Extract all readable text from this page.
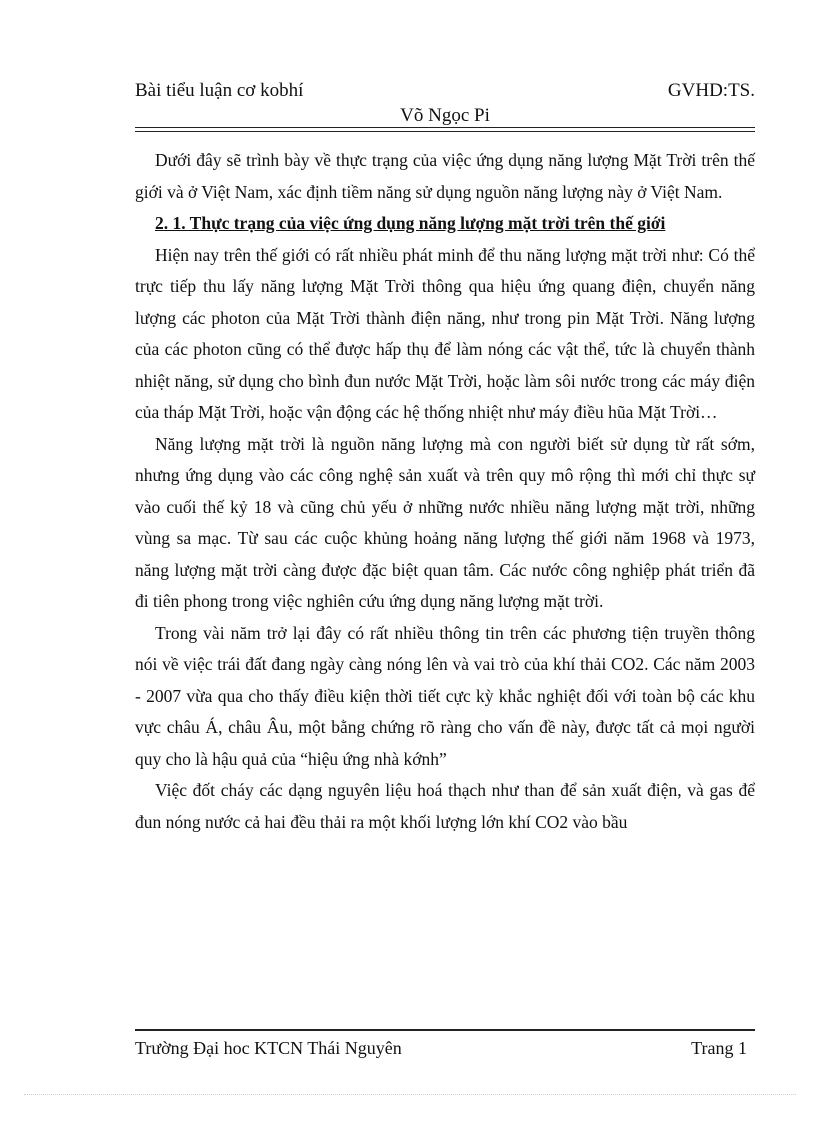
Bài tiểu luận cơ kobhí	GVHD:TS.
Võ Ngọc Pi

Dưới đây sẽ trình bày về thực trạng của việc ứng dụng năng lượng Mặt Trời trên thế giới và ở Việt Nam, xác định tiềm năng sử dụng nguồn năng lượng này ở Việt Nam.

2. 1. Thực trạng của việc ứng dụng năng lượng mặt trời trên thế giới

Hiện nay trên thế giới có rất nhiều phát minh để thu năng lượng mặt trời như: Có thể trực tiếp thu lấy năng lượng Mặt Trời thông qua hiệu ứng quang điện, chuyển năng lượng các photon của Mặt Trời thành điện năng, như trong pin Mặt Trời. Năng lượng của các photon cũng có thể được hấp thụ để làm nóng các vật thể, tức là chuyển thành nhiệt năng, sử dụng cho bình đun nước Mặt Trời, hoặc làm sôi nước trong các máy điện của tháp Mặt Trời, hoặc vận động các hệ thống nhiệt như máy điều hũa Mặt Trời…

Năng lượng mặt trời là nguồn năng lượng mà con người biết sử dụng từ rất sớm, nhưng ứng dụng vào các công nghệ sản xuất và trên quy mô rộng thì mới chỉ thực sự vào cuối thế kỷ 18 và cũng chủ yếu ở những nước nhiều năng lượng mặt trời, những vùng sa mạc. Từ sau các cuộc khủng hoảng năng lượng thế giới năm 1968 và 1973, năng lượng mặt trời càng được đặc biệt quan tâm. Các nước công nghiệp phát triển đã đi tiên phong trong việc nghiên cứu ứng dụng năng lượng mặt trời.

Trong vài năm trở lại đây có rất nhiều thông tin trên các phương tiện truyền thông nói về việc trái đất đang ngày càng nóng lên và vai trò của khí thải CO2. Các năm 2003 - 2007 vừa qua cho thấy điều kiện thời tiết cực kỳ khắc nghiệt đối với toàn bộ các khu vực châu Á, châu Âu, một bằng chứng rõ ràng cho vấn đề này, được tất cả mọi người quy cho là hậu quả của “hiệu ứng nhà kớnh”

Việc đốt cháy các dạng nguyên liệu hoá thạch như than để sản xuất điện, và gas để đun nóng nước cả hai đều thải ra một khối lượng lớn khí CO2 vào bầu

Trường Đại hoc KTCN Thái Nguyên	Trang 1
